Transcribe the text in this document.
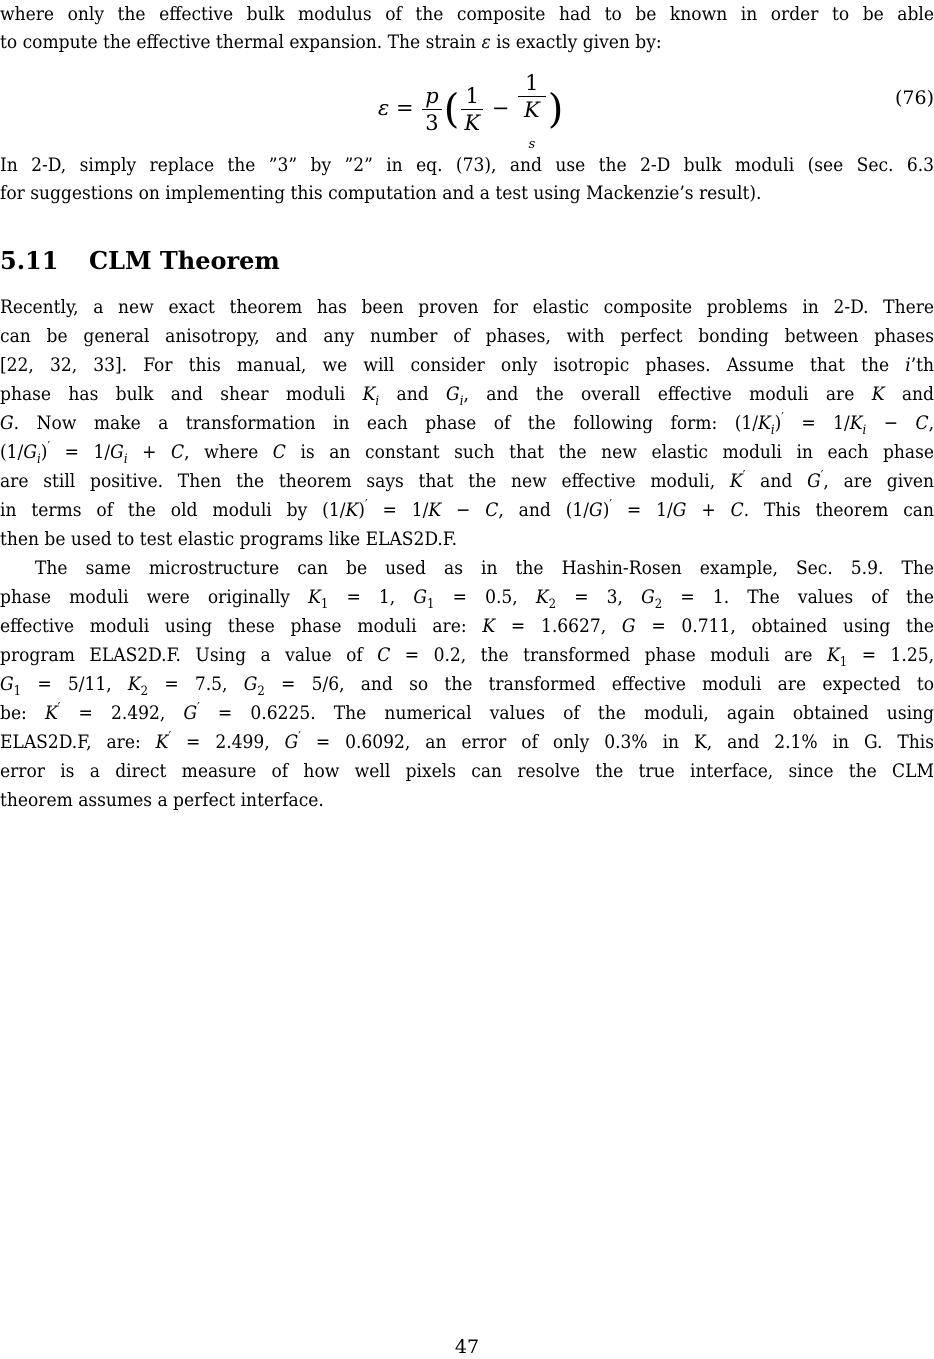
where only the effective bulk modulus of the composite had to be known in order to be able
to compute the effective thermal expansion. The strain ε is exactly given by:
$\varepsilon = \frac{p}{3}$ ( $\frac{1}{K} - 1$
K
$_s$ )	(76)
In 2-D, simply replace the ”3” by ”2” in eq. (73), and use the 2-D bulk moduli (see Sec. 6.3
for suggestions on implementing this computation and a test using Mackenzie’s result).
5.11 CLM Theorem
Recently, a new exact theorem has been proven for elastic composite problems in 2-D. There
can be general anisotropy, and any number of phases, with perfect bonding between phases
[22, 32, 33]. For this manual, we will consider only isotropic phases. Assume that the i’th
phase has bulk and shear moduli $K_i$ and $G_i$, and the overall effective moduli are K and
G. Now make a transformation in each phase of the following form: $(1/K_i)' = 1/K_i - C$,
$(1/G_i)' = 1/G_i + C$, where C is an constant such that the new elastic moduli in each phase
are still positive. Then the theorem says that the new effective moduli, K′ and G′, are given
in terms of the old moduli by (1/K)′ = 1/K − C, and (1/G)′ = 1/G + C. This theorem can
then be used to test elastic programs like ELAS2D.F.
The same microstructure can be used as in the Hashin-Rosen example, Sec. 5.9. The
phase moduli were originally $K_1 = 1$, $G_1 = 0.5$, $K_2 = 3$, $G_2 = 1$. The values of the
effective moduli using these phase moduli are: K = 1.6627, G = 0.711, obtained using the
program ELAS2D.F. Using a value of C = 0.2, the transformed phase moduli are $K_1 = 1.25$,
$G_1 = 5/11$, $K_2 = 7.5$, $G_2 = 5/6$, and so the transformed effective moduli are expected to
be: K′ = 2.492, G′ = 0.6225. The numerical values of the moduli, again obtained using
ELAS2D.F, are: K′ = 2.499, G′ = 0.6092, an error of only 0.3% in K, and 2.1% in G. This
error is a direct measure of how well pixels can resolve the true interface, since the CLM
theorem assumes a perfect interface.
47
